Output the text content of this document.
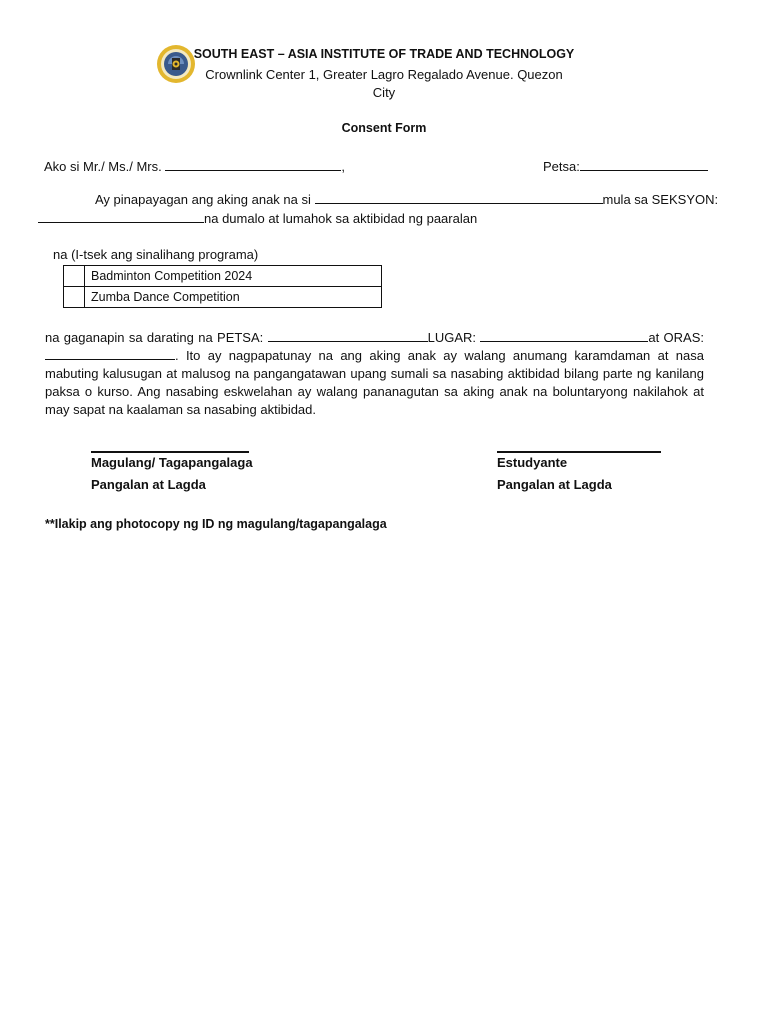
SOUTH EAST – ASIA INSTITUTE OF TRADE AND TECHNOLOGY
Crownlink Center 1, Greater Lagro Regalado Avenue. Quezon City
Consent Form
Ako si Mr./ Ms./ Mrs.	,	Petsa:
Ay pinapayagan ang aking anak na si	mula sa SEKSYON:
na dumalo at lumahok sa aktibidad ng paaralan
na (I-tsek ang sinalihang programa)
	Badminton Competition 2024
	Zumba Dance Competition
na gaganapin sa darating na PETSA:	LUGAR:	at ORAS: . Ito ay nagpapatunay na ang aking anak ay walang anumang karamdaman at nasa mabuting kalusugan at malusog na pangangatawan upang sumali sa nasabing aktibidad bilang parte ng kanilang paksa o kurso. Ang nasabing eskwelahan ay walang pananagutan sa aking anak na boluntaryong nakilahok at may sapat na kaalaman sa nasabing aktibidad.
Magulang/ Tagapangalaga
Pangalan at Lagda
Estudyante
Pangalan at Lagda
**Ilakip ang photocopy ng ID ng magulang/tagapangalaga
